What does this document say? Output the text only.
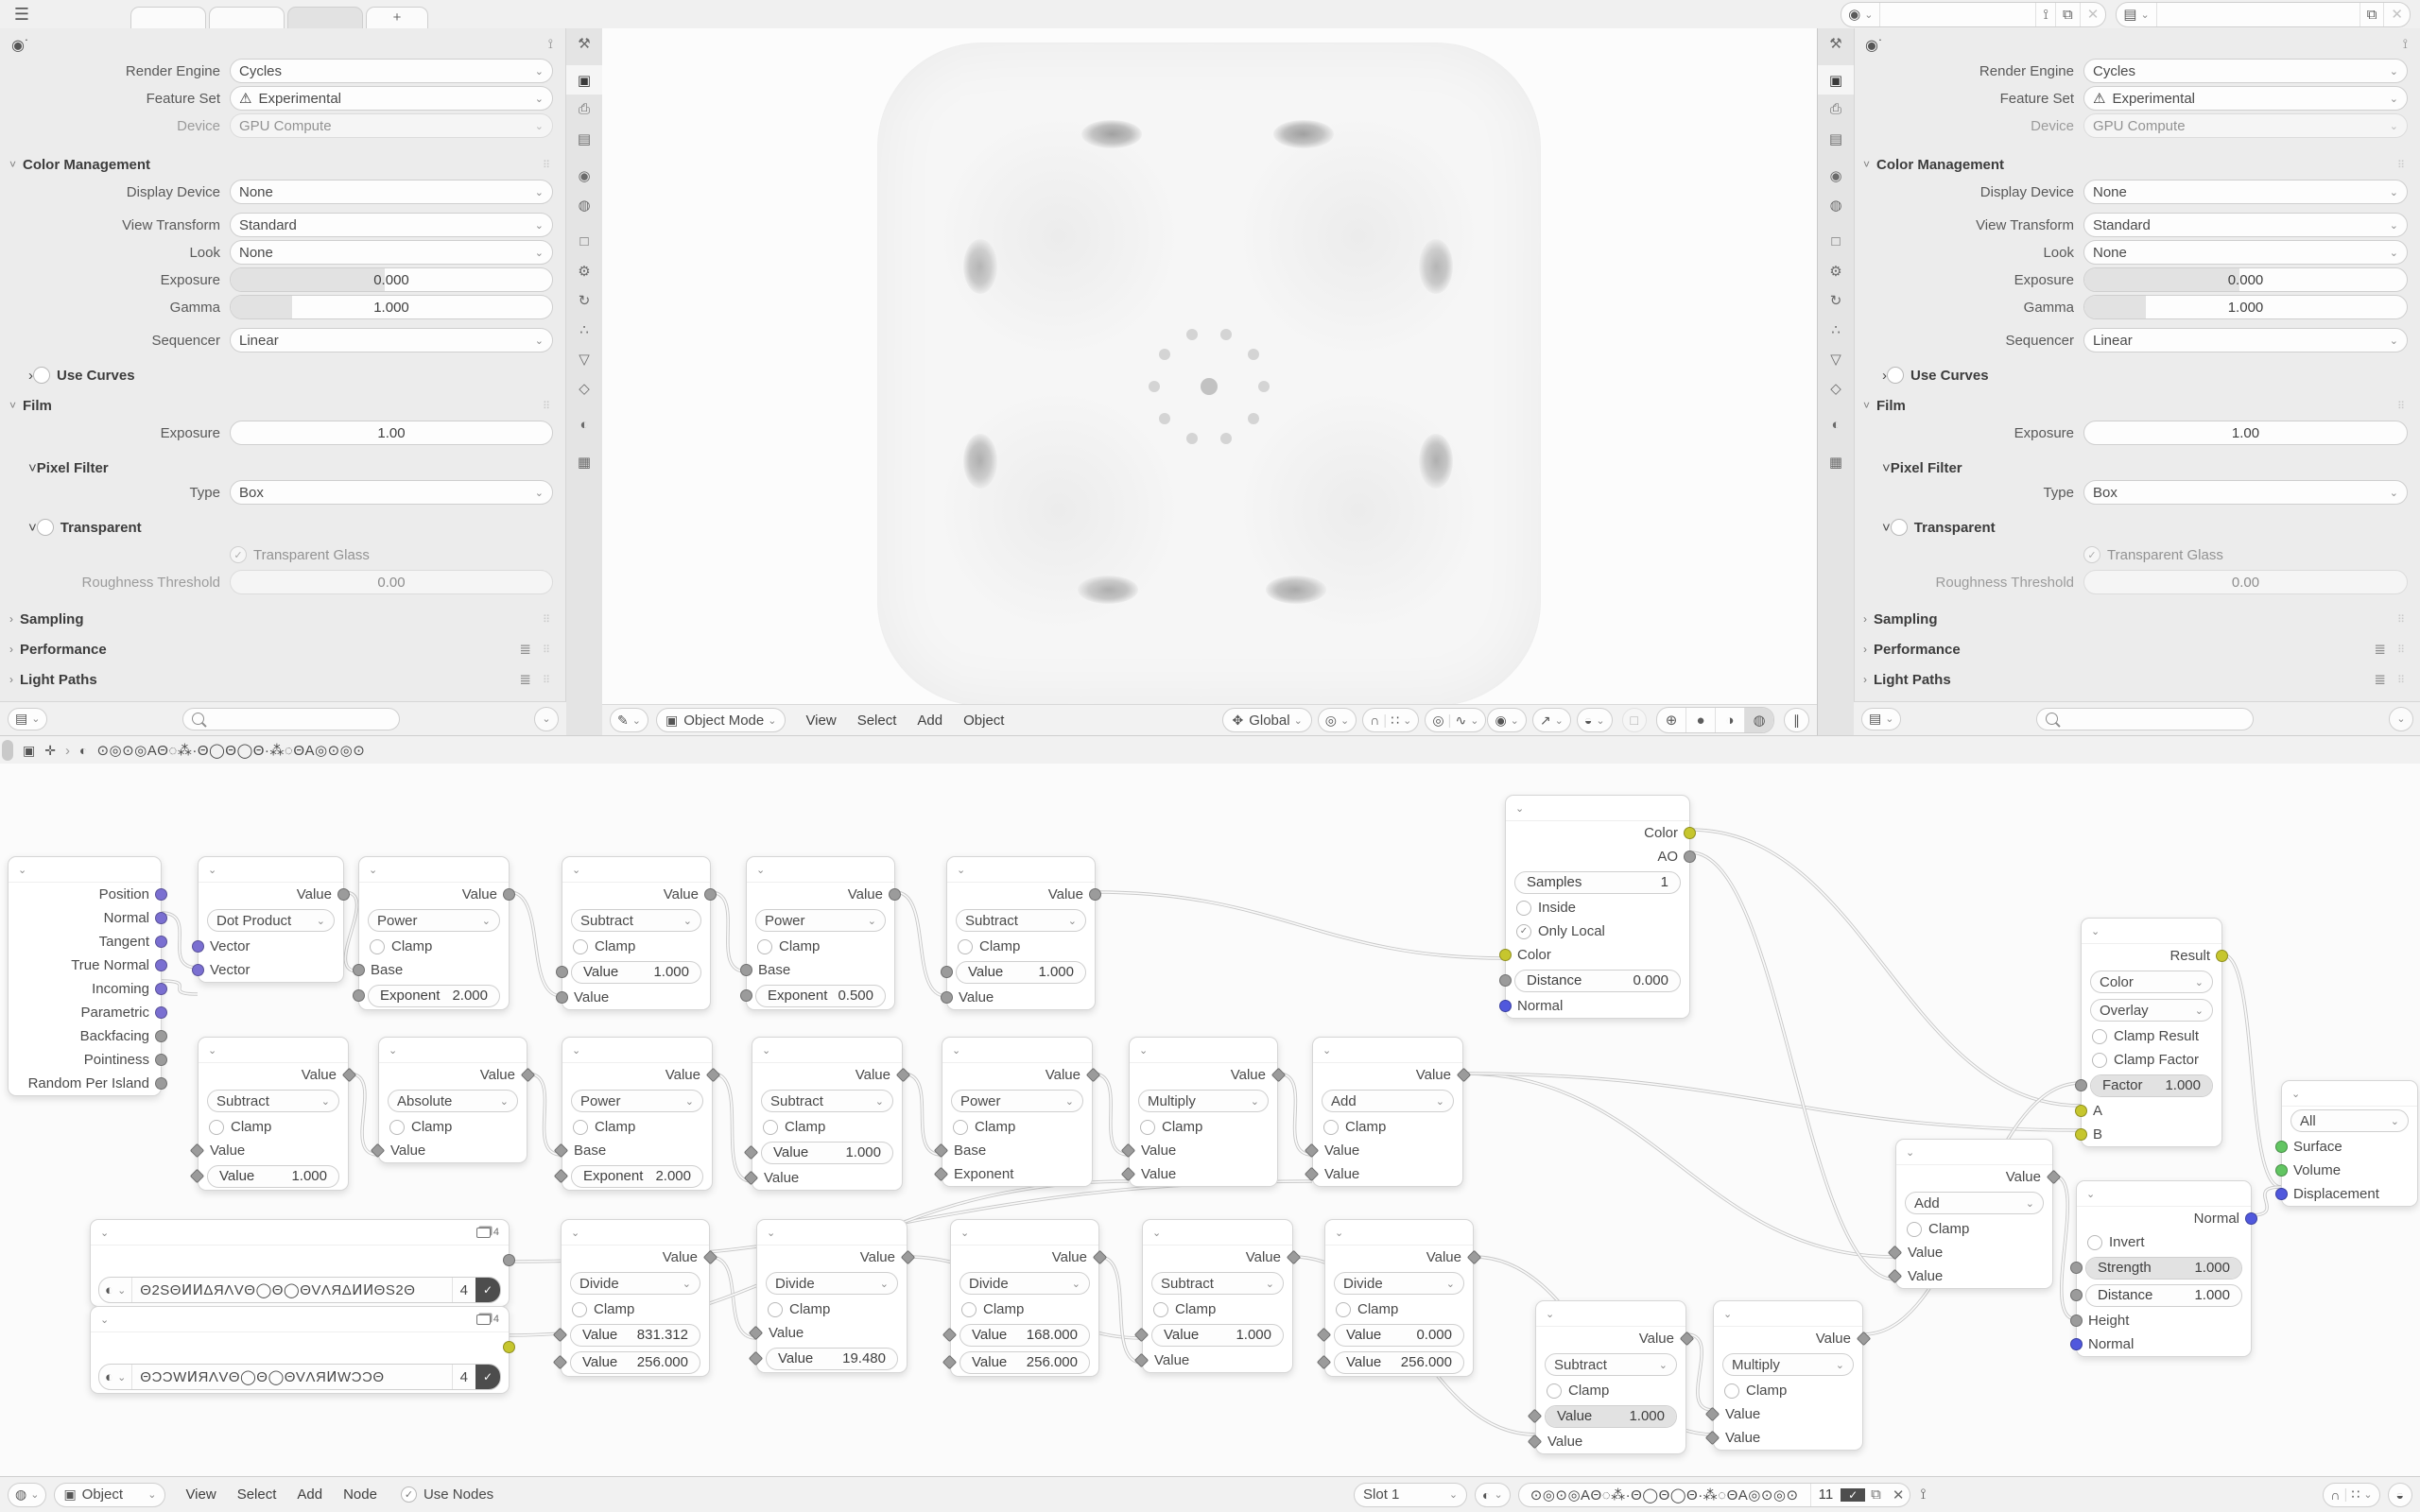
☰	+	◉ ⌄	⟟	⧉	✕	▤ ⌄	⧉	✕
◉˙	⟟
Render Engine	Cycles	⌄
Feature Set	⚠ Experimental	⌄
Device	GPU Compute	⌄
˅ Color Management	⠿
Display Device	None	⌄
View Transform	Standard	⌄
Look	None	⌄
Exposure	0.000
Gamma	1.000
Sequencer	Linear	⌄
› Use Curves
˅ Film	⠿
Exposure	1.00
˅ Pixel Filter
Type	Box	⌄
˅ Transparent
✓ Transparent Glass
Roughness Threshold	0.00
› Sampling	⠿
› Performance	≣ ⠿
› Light Paths	≣ ⠿
⚒
▣
⎙
▤
◉
◍
□
⚙
↻
∴
▽
◇
◐
▦
▤ ⌄	⌄
◉˙	⟟
Render Engine	Cycles	⌄
Feature Set	⚠ Experimental	⌄
Device	GPU Compute	⌄
˅ Color Management	⠿
Display Device	None	⌄
View Transform	Standard	⌄
Look	None	⌄
Exposure	0.000
Gamma	1.000
Sequencer	Linear	⌄
› Use Curves
˅ Film	⠿
Exposure	1.00
˅ Pixel Filter
Type	Box	⌄
˅ Transparent
✓ Transparent Glass
Roughness Threshold	0.00
› Sampling	⠿
› Performance	≣ ⠿
› Light Paths	≣ ⠿
⚒
▣
⎙
▤
◉
◍
□
⚙
↻
∴
▽
◇
◐
▦
▤ ⌄	⌄
✎ ⌄ ▣ Object Mode ⌄	View	Select	Add	Object	✥ Global ⌄ ◎ ⌄ ∩ | ∷ ⌄ ◎ | ∿ ⌄ ◉ ⌄ ↗ ⌄ ◒ ⌄ □	⊕	●	◑	◍	∥
▣ ✛ › ◐ ⊙◎⊙◎AΘ◌⁂·Θ◯Θ◯Θ·⁂◌ΘA◎⊙◎⊙
⌄
Position
Normal
Tangent
True Normal
Incoming
Parametric
Backfacing
Pointiness
Random Per Island
⌄
Value
Dot Product ⌄
Vector
Vector
⌄
Value
Power	⌄
Clamp
Base
Exponent 2.000
⌄
Value
Subtract	⌄
Clamp
Value 1.000
Value
⌄
Value
Power	⌄
Clamp
Base
Exponent 0.500
⌄
Value
Subtract	⌄
Clamp
Value 1.000
Value
⌄
Value
Subtract	⌄
Clamp
Value
Value	1.000
⌄
Value
Absolute	⌄
Clamp
Value
⌄
Value
Power	⌄
Clamp
Base
Exponent 2.000
⌄
Value
Subtract	⌄
Clamp
Value	1.000
Value
⌄
Value
Power	⌄
Clamp
Base
Exponent
⌄
Value
Multiply	⌄
Clamp
Value
Value
⌄
Value
Add	⌄
Clamp
Value
Value
⌄
Color
AO
Samples	1
Inside
✓ Only Local
Color
Distance	0.000
Normal
⌄
Value
Add	⌄
Clamp
Value
Value
⌄
Result
Color	⌄
Overlay	⌄
Clamp Result
Clamp Factor
Factor 1.000
A
B
⌄
All	⌄
Surface
Volume
Displacement
⌄
Normal
Invert
Strength	1.000
Distance	1.000
Height
Normal
⌄	4
◐ ⌄	Θ2SΘͶͶΔЯΛVΘ◯Θ◯ΘVΛЯΔͶͶΘS2Θ	4	✓
⌄	4
◐ ⌄	ΘƆƆWͶЯΛVΘ◯Θ◯ΘVΛЯͶWƆƆΘ	4	✓
⌄
Value
Divide	⌄
Clamp
Value 831.312
Value 256.000
⌄
Value
Divide	⌄
Clamp
Value
Value 19.480
⌄
Value
Divide	⌄
Clamp
Value 168.000
Value 256.000
⌄
Value
Subtract	⌄
Clamp
Value	1.000
Value
⌄
Value
Divide	⌄
Clamp
Value 0.000
Value 256.000
⌄
Value
Subtract	⌄
Clamp
Value	1.000
Value
⌄
Value
Multiply	⌄
Clamp
Value
Value
◍ ⌄ ▣ Object ⌄	View	Select	Add	Node	✓ Use Nodes	Slot 1	⌄ ◐ ⌄	⊙◎⊙◎AΘ◌⁂·Θ◯Θ◯Θ·⁂◌ΘA◎⊙◎⊙	11	✓ ⧉ ✕	⟟	∩ | ∷ ⌄ ◒
